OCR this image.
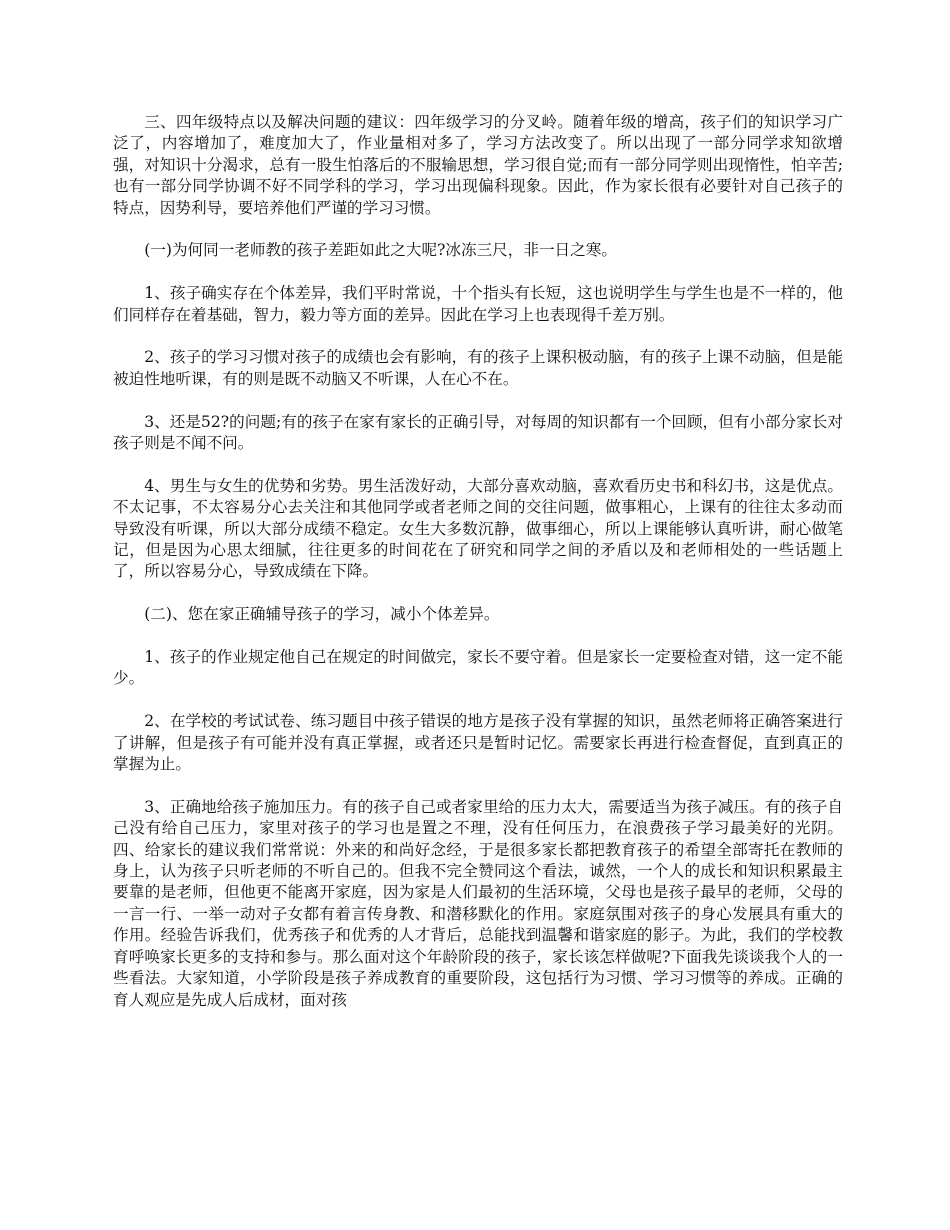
三、四年级特点以及解决问题的建议：四年级学习的分叉岭。随着年级的增高，孩子们的知识学习广泛了，内容增加了，难度加大了，作业量相对多了，学习方法改变了。所以出现了一部分同学求知欲增强，对知识十分渴求，总有一股生怕落后的不服输思想，学习很自觉;而有一部分同学则出现惰性，怕辛苦;也有一部分同学协调不好不同学科的学习，学习出现偏科现象。因此，作为家长很有必要针对自己孩子的特点，因势利导，要培养他们严谨的学习习惯。

(一)为何同一老师教的孩子差距如此之大呢?冰冻三尺，非一日之寒。

1、孩子确实存在个体差异，我们平时常说，十个指头有长短，这也说明学生与学生也是不一样的，他们同样存在着基础，智力，毅力等方面的差异。因此在学习上也表现得千差万别。

2、孩子的学习习惯对孩子的成绩也会有影响，有的孩子上课积极动脑，有的孩子上课不动脑，但是能被迫性地听课，有的则是既不动脑又不听课，人在心不在。

3、还是52?的问题;有的孩子在家有家长的正确引导，对每周的知识都有一个回顾，但有小部分家长对孩子则是不闻不问。

4、男生与女生的优势和劣势。男生活泼好动，大部分喜欢动脑，喜欢看历史书和科幻书，这是优点。不太记事，不太容易分心去关注和其他同学或者老师之间的交往问题，做事粗心，上课有的往往太多动而导致没有听课，所以大部分成绩不稳定。女生大多数沉静，做事细心，所以上课能够认真听讲，耐心做笔记，但是因为心思太细腻，往往更多的时间花在了研究和同学之间的矛盾以及和老师相处的一些话题上了，所以容易分心，导致成绩在下降。

(二)、您在家正确辅导孩子的学习，减小个体差异。

1、孩子的作业规定他自己在规定的时间做完，家长不要守着。但是家长一定要检查对错，这一定不能少。

2、在学校的考试试卷、练习题目中孩子错误的地方是孩子没有掌握的知识，虽然老师将正确答案进行了讲解，但是孩子有可能并没有真正掌握，或者还只是暂时记忆。需要家长再进行检查督促，直到真正的掌握为止。

3、正确地给孩子施加压力。有的孩子自己或者家里给的压力太大，需要适当为孩子减压。有的孩子自己没有给自己压力，家里对孩子的学习也是置之不理，没有任何压力，在浪费孩子学习最美好的光阴。四、给家长的建议我们常常说：外来的和尚好念经，于是很多家长都把教育孩子的希望全部寄托在教师的身上，认为孩子只听老师的不听自己的。但我不完全赞同这个看法，诚然，一个人的成长和知识积累最主要靠的是老师，但他更不能离开家庭，因为家是人们最初的生活环境，父母也是孩子最早的老师，父母的一言一行、一举一动对子女都有着言传身教、和潜移默化的作用。家庭氛围对孩子的身心发展具有重大的作用。经验告诉我们，优秀孩子和优秀的人才背后，总能找到温馨和谐家庭的影子。为此，我们的学校教育呼唤家长更多的支持和参与。那么面对这个年龄阶段的孩子，家长该怎样做呢?下面我先谈谈我个人的一些看法。大家知道，小学阶段是孩子养成教育的重要阶段，这包括行为习惯、学习习惯等的养成。正确的育人观应是先成人后成材，面对孩
